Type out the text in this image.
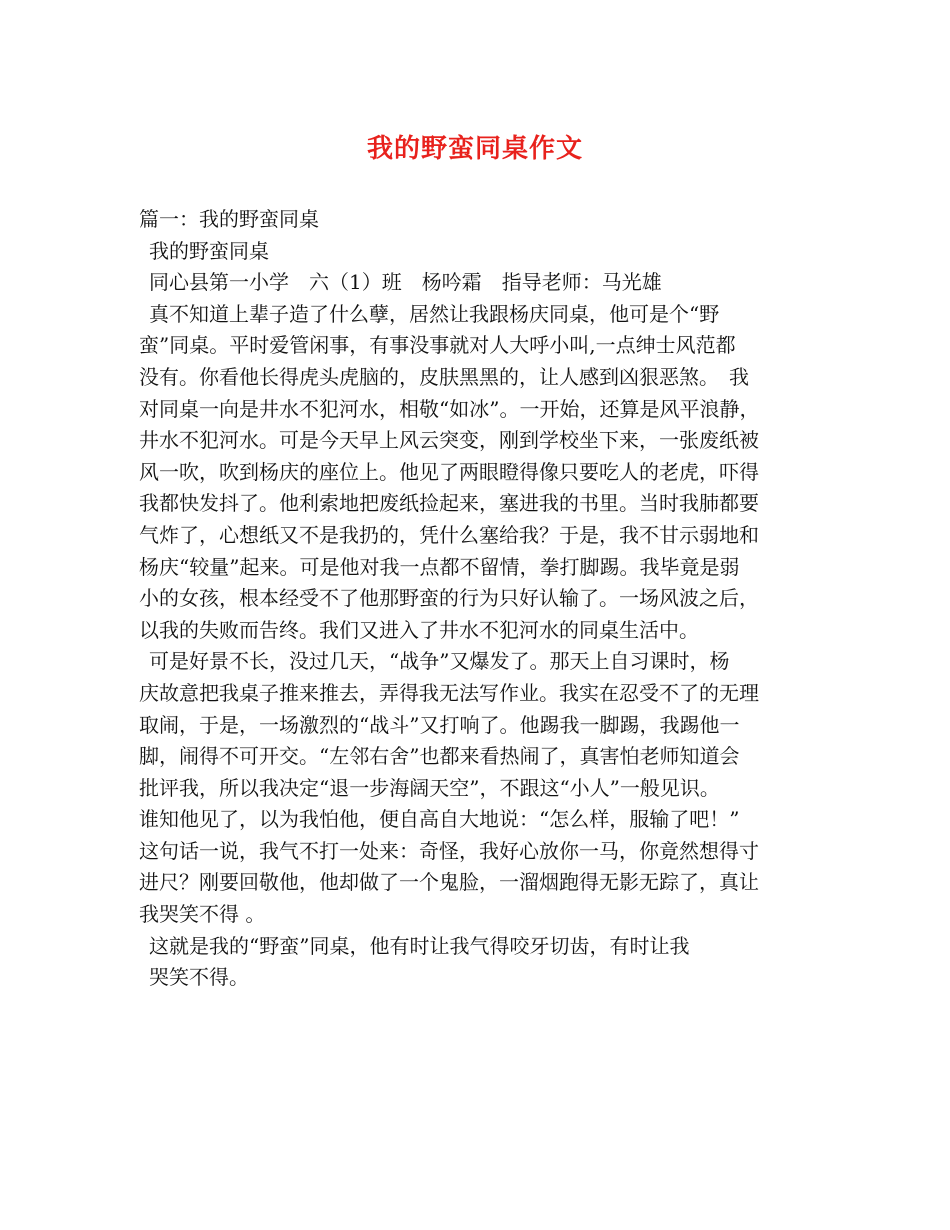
我的野蛮同桌作文
篇一：我的野蛮同桌
我的野蛮同桌
同心县第一小学　六（1）班　杨吟霜　指导老师：马光雄
真不知道上辈子造了什么孽，居然让我跟杨庆同桌，他可是个“野
蛮”同桌。平时爱管闲事，有事没事就对人大呼小叫,一点绅士风范都
没有。你看他长得虎头虎脑的，皮肤黑黑的，让人感到凶狠恶煞。　我
对同桌一向是井水不犯河水，相敬“如冰”。一开始，还算是风平浪静，
井水不犯河水。可是今天早上风云突变，刚到学校坐下来，一张废纸被
风一吹，吹到杨庆的座位上。他见了两眼瞪得像只要吃人的老虎，吓得
我都快发抖了。他利索地把废纸捡起来，塞进我的书里。当时我肺都要
气炸了，心想纸又不是我扔的，凭什么塞给我？于是，我不甘示弱地和
杨庆“较量”起来。可是他对我一点都不留情，拳打脚踢。我毕竟是弱
小的女孩，根本经受不了他那野蛮的行为只好认输了。一场风波之后，
以我的失败而告终。我们又进入了井水不犯河水的同桌生活中。
可是好景不长，没过几天，“战争”又爆发了。那天上自习课时，杨
庆故意把我桌子推来推去，弄得我无法写作业。我实在忍受不了的无理
取闹，于是，一场激烈的“战斗”又打响了。他踢我一脚踢，我踢他一
脚，闹得不可开交。“左邻右舍”也都来看热闹了，真害怕老师知道会
批评我，所以我决定“退一步海阔天空”，不跟这“小人”一般见识。
谁知他见了，以为我怕他，便自高自大地说：“怎么样，服输了吧！”
这句话一说，我气不打一处来：奇怪，我好心放你一马，你竟然想得寸
进尺？刚要回敬他，他却做了一个鬼脸，一溜烟跑得无影无踪了，真让
我哭笑不得 。
这就是我的“野蛮”同桌，他有时让我气得咬牙切齿，有时让我
哭笑不得。
